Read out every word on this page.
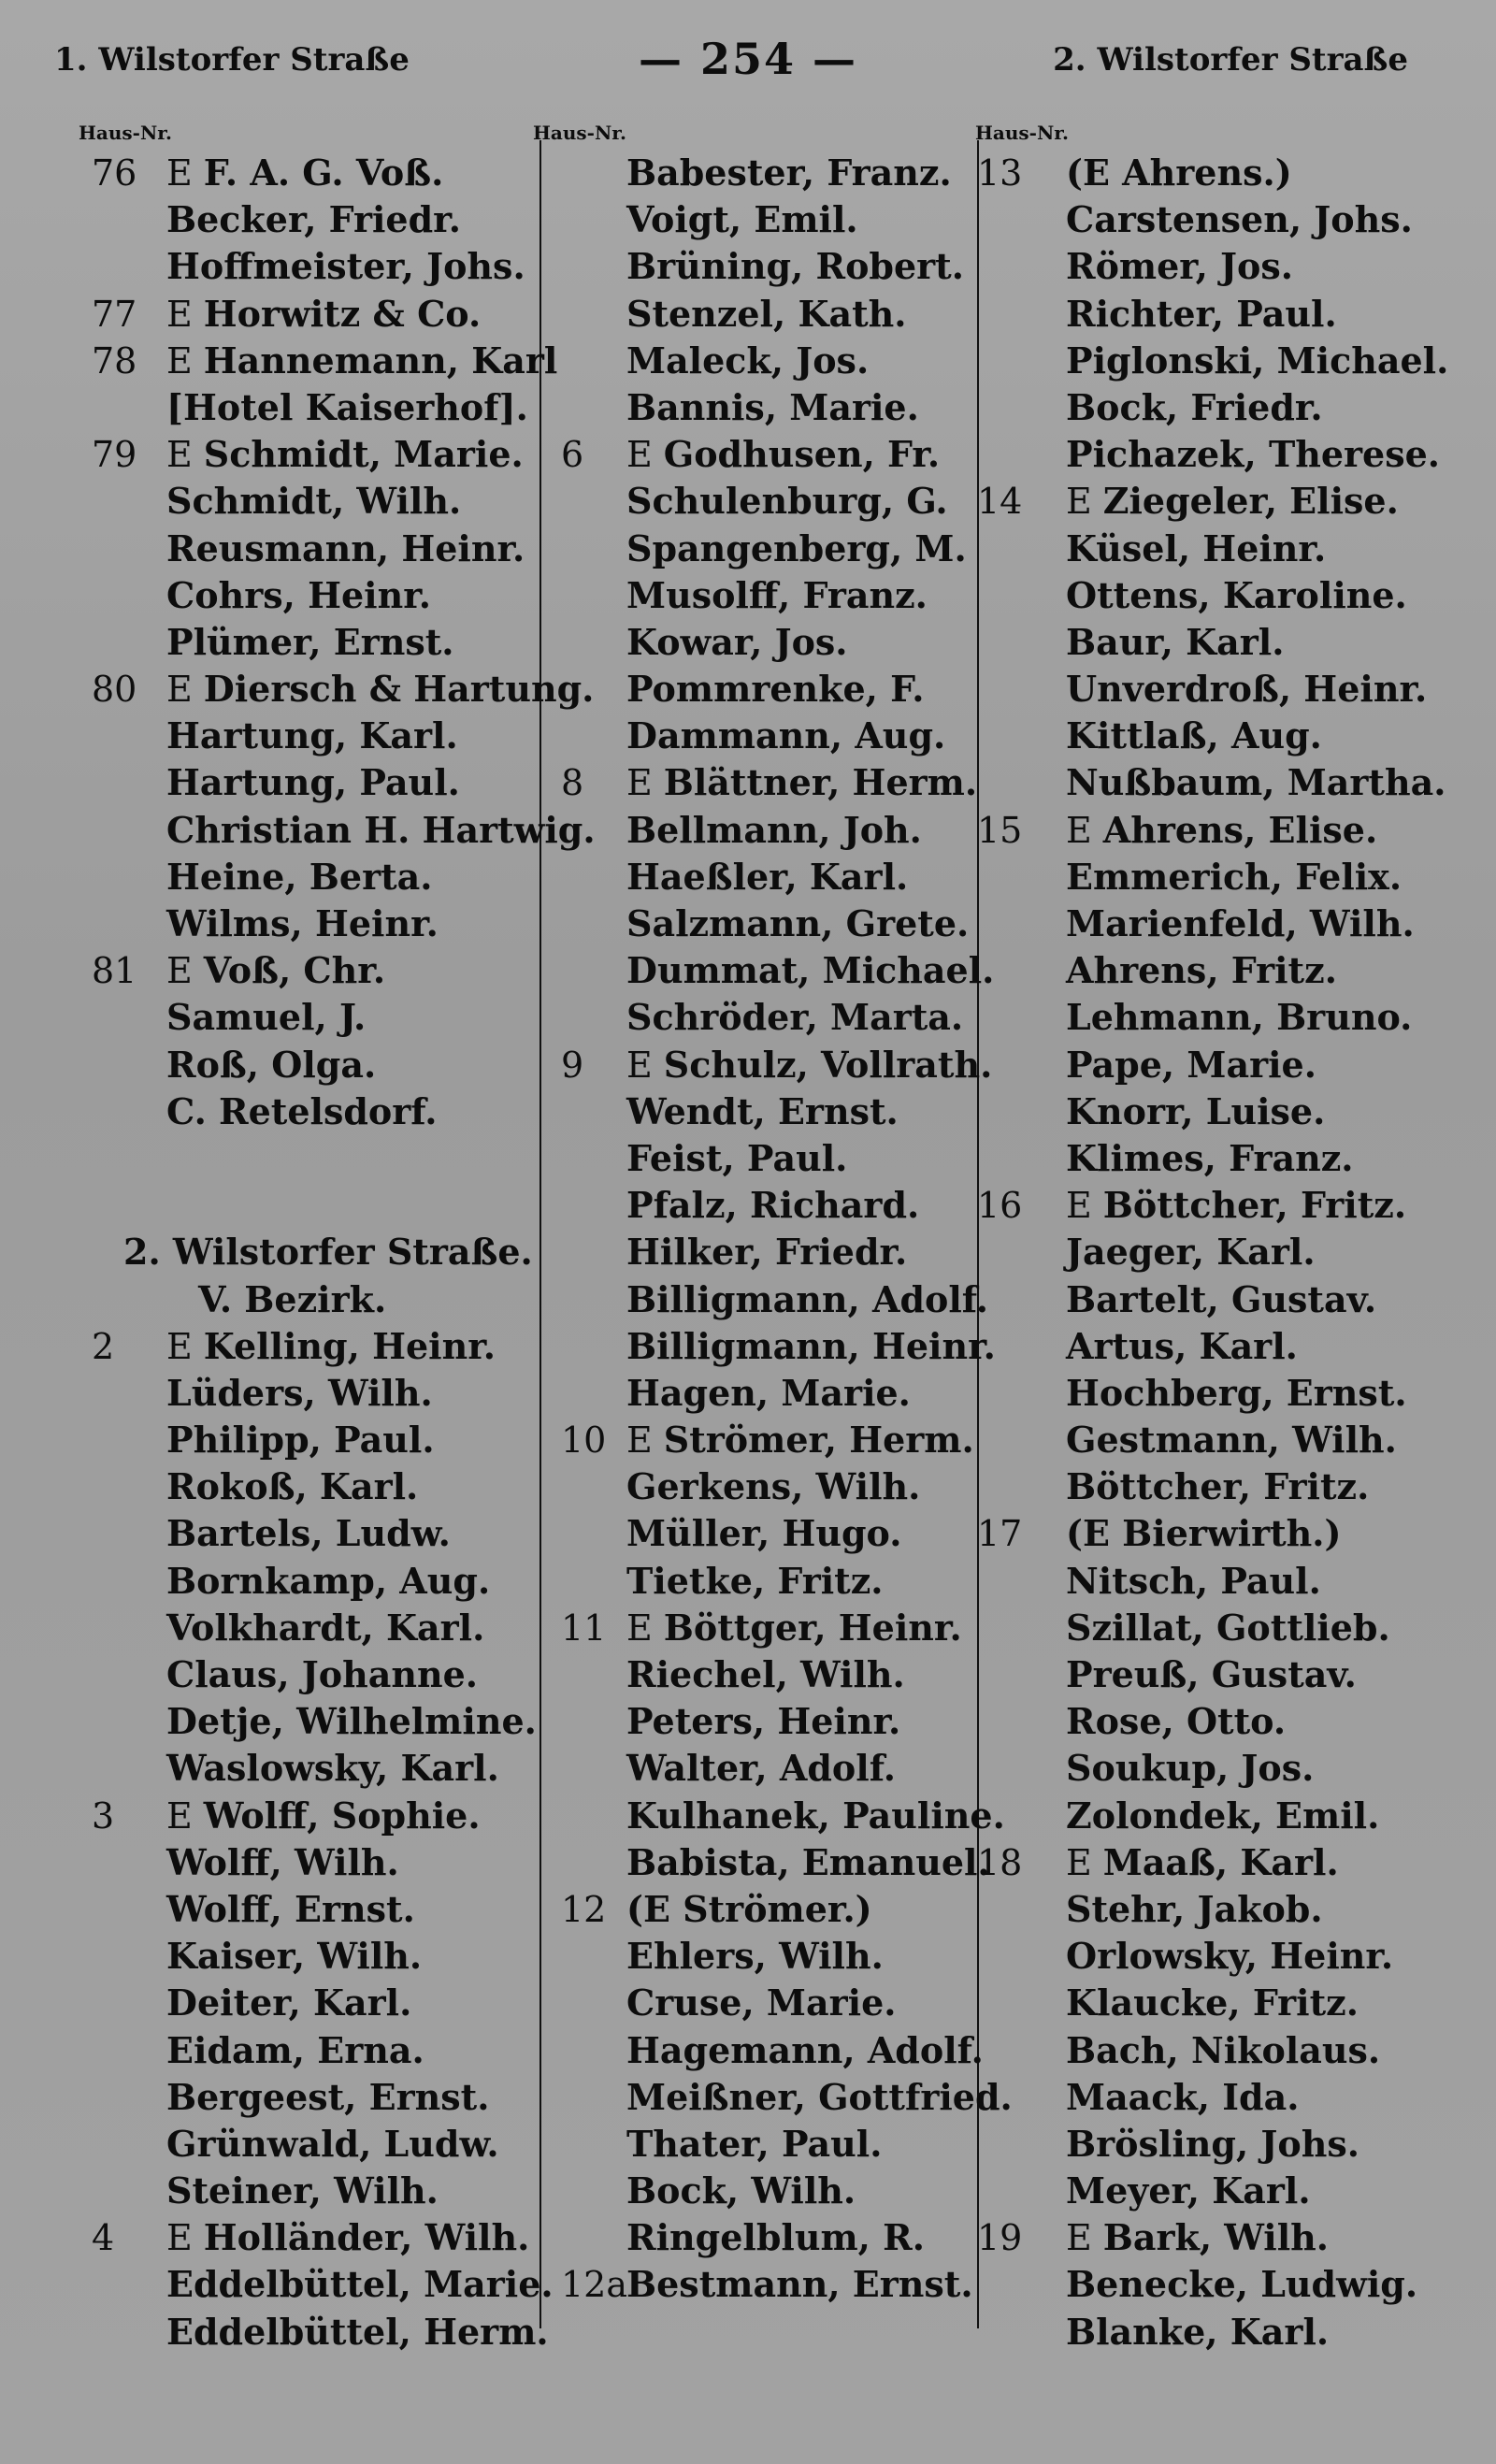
1. Wilstorfer Straße	— 254 —	2. Wilstorfer Straße
Haus-Nr.
76 E F. A. G. Voß.
Becker, Friedr.
Hoffmeister, Johs.
77 E Horwitz & Co.
78 E Hannemann, Karl
[Hotel Kaiserhof].
79 E Schmidt, Marie.
Schmidt, Wilh.
Reusmann, Heinr.
Cohrs, Heinr.
Plümer, Ernst.
80 E Diersch & Hartung.
Hartung, Karl.
Hartung, Paul.
Christian H. Hartwig.
Heine, Berta.
Wilms, Heinr.
81 E Voß, Chr.
Samuel, J.
Roß, Olga.
C. Retelsdorf.
2. Wilstorfer Straße.
V. Bezirk.
2 E Kelling, Heinr.
Lüders, Wilh.
Philipp, Paul.
Rokoß, Karl.
Bartels, Ludw.
Bornkamp, Aug.
Volkhardt, Karl.
Claus, Johanne.
Detje, Wilhelmine.
Waslowsky, Karl.
3 E Wolff, Sophie.
Wolff, Wilh.
Wolff, Ernst.
Kaiser, Wilh.
Deiter, Karl.
Eidam, Erna.
Bergeest, Ernst.
Grünwald, Ludw.
Steiner, Wilh.
4 E Holländer, Wilh.
Eddelbüttel, Marie.
Eddelbüttel, Herm.
Haus-Nr.
Babester, Franz.
Voigt, Emil.
Brüning, Robert.
Stenzel, Kath.
Maleck, Jos.
Bannis, Marie.
6 E Godhusen, Fr.
Schulenburg, G.
Spangenberg, M.
Musolff, Franz.
Kowar, Jos.
Pommrenke, F.
Dammann, Aug.
8 E Blättner, Herm.
Bellmann, Joh.
Haeßler, Karl.
Salzmann, Grete.
Dummat, Michael.
Schröder, Marta.
9 E Schulz, Vollrath.
Wendt, Ernst.
Feist, Paul.
Pfalz, Richard.
Hilker, Friedr.
Billigmann, Adolf.
Billigmann, Heinr.
Hagen, Marie.
10 E Strömer, Herm.
Gerkens, Wilh.
Müller, Hugo.
Tietke, Fritz.
11 E Böttger, Heinr.
Riechel, Wilh.
Peters, Heinr.
Walter, Adolf.
Kulhanek, Pauline.
Babista, Emanuel.
12 (E Strömer.)
Ehlers, Wilh.
Cruse, Marie.
Hagemann, Adolf.
Meißner, Gottfried.
Thater, Paul.
Bock, Wilh.
Ringelblum, R.
12a
Bestmann, Ernst.
Haus-Nr.
13 (E Ahrens.)
Carstensen, Johs.
Römer, Jos.
Richter, Paul.
Piglonski, Michael.
Bock, Friedr.
Pichazek, Therese.
14 E Ziegeler, Elise.
Küsel, Heinr.
Ottens, Karoline.
Baur, Karl.
Unverdroß, Heinr.
Kittlaß, Aug.
Nußbaum, Martha.
15 E Ahrens, Elise.
Emmerich, Felix.
Marienfeld, Wilh.
Ahrens, Fritz.
Lehmann, Bruno.
Pape, Marie.
Knorr, Luise.
Klimes, Franz.
16 E Böttcher, Fritz.
Jaeger, Karl.
Bartelt, Gustav.
Artus, Karl.
Hochberg, Ernst.
Gestmann, Wilh.
Böttcher, Fritz.
17 (E Bierwirth.)
Nitsch, Paul.
Szillat, Gottlieb.
Preuß, Gustav.
Rose, Otto.
Soukup, Jos.
Zolondek, Emil.
18 E Maaß, Karl.
Stehr, Jakob.
Orlowsky, Heinr.
Klaucke, Fritz.
Bach, Nikolaus.
Maack, Ida.
Brösling, Johs.
Meyer, Karl.
19 E Bark, Wilh.
Benecke, Ludwig.
Blanke, Karl.
